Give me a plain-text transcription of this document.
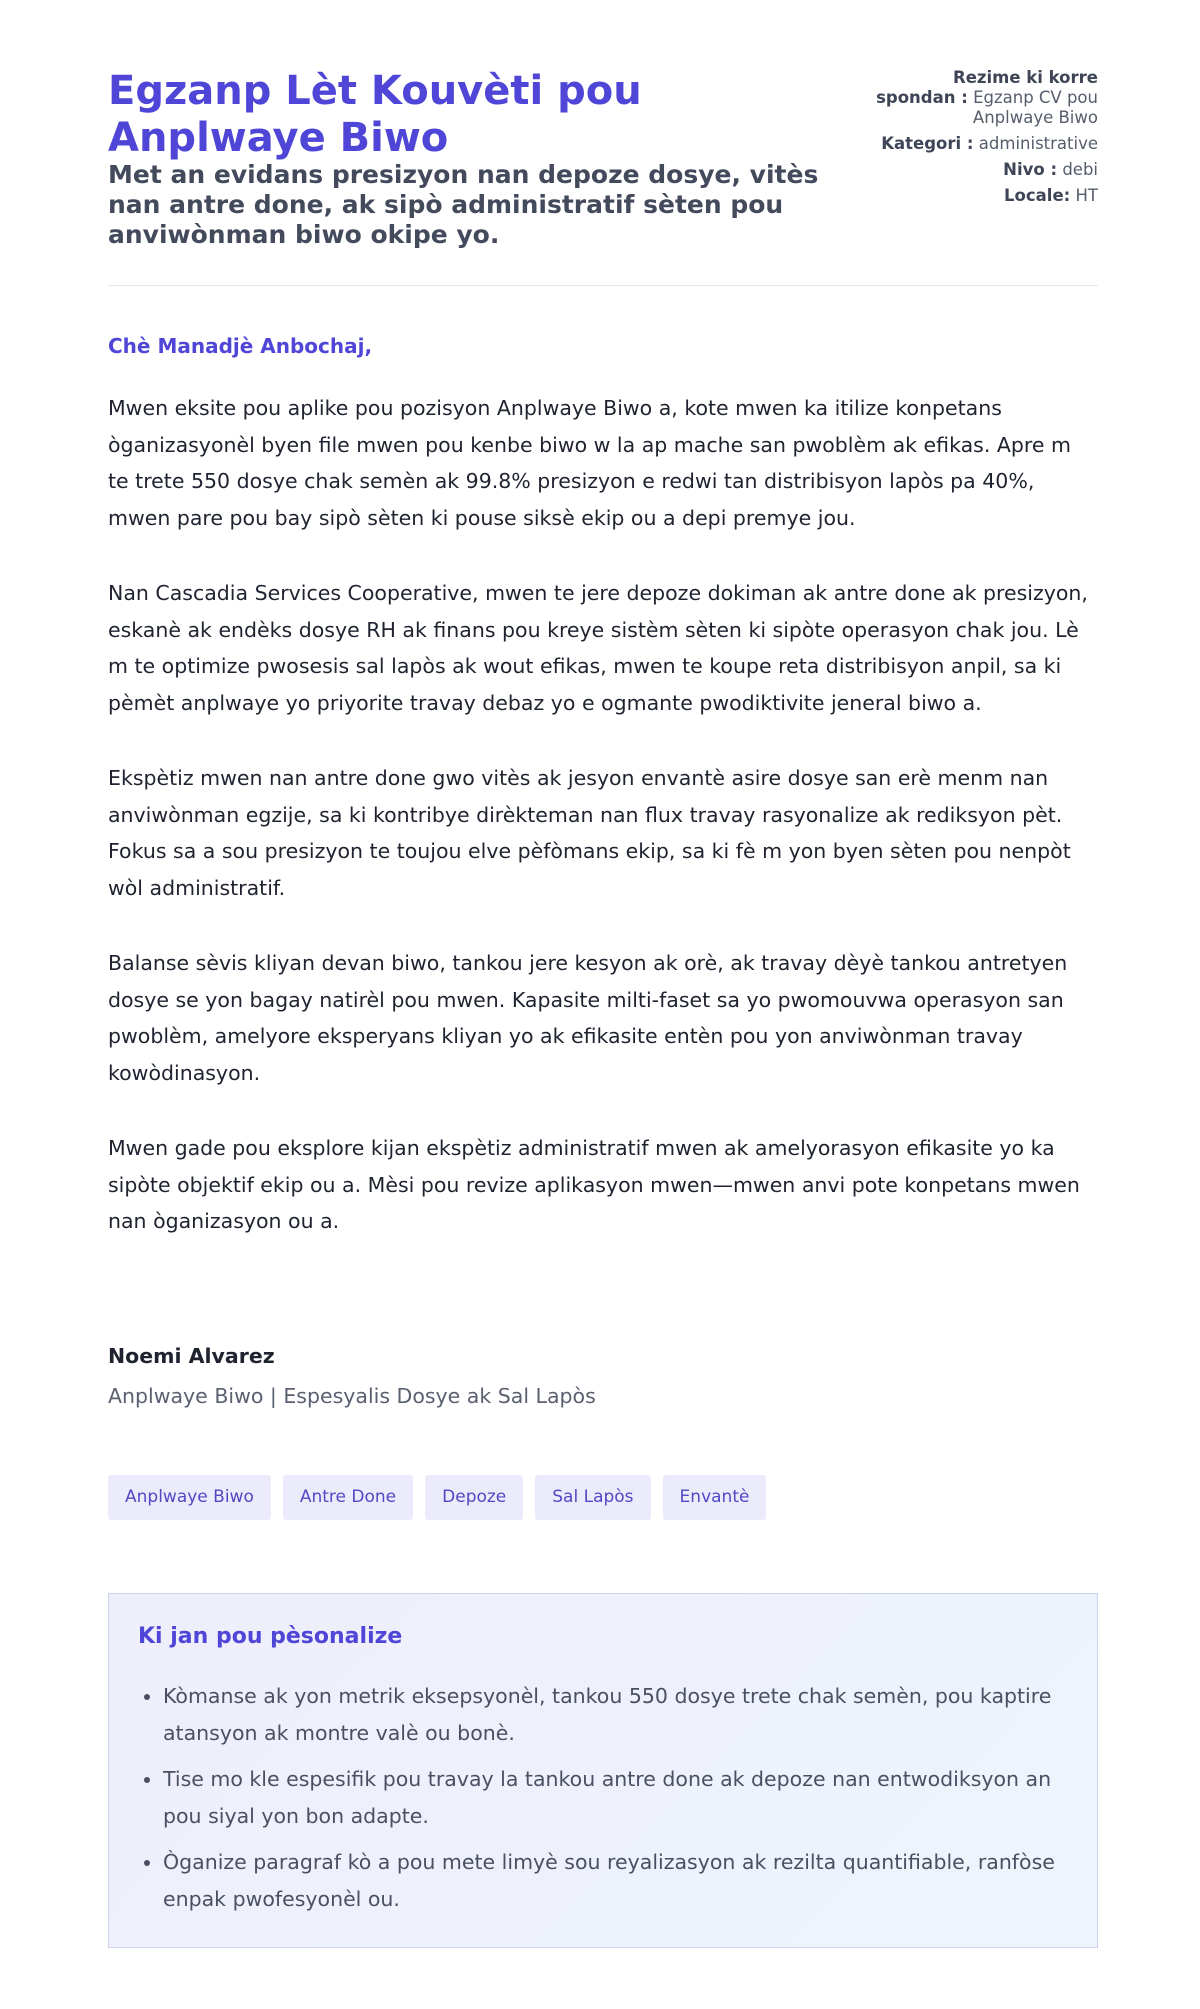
Egzanp Lèt Kouvèti pou Anplwaye Biwo
Met an evidans presizyon nan depoze dosye, vitès nan antre done, ak sipò administratif sèten pou anviwònman biwo okipe yo.
Rezime ki korre spondan : Egzanp CV pou Anplwaye Biwo
Kategori : administrative
Nivo : debi
Locale: HT
Chè Manadjè Anbochaj,

Mwen eksite pou aplike pou pozisyon Anplwaye Biwo a, kote mwen ka itilize konpetans òganizasyonèl byen file mwen pou kenbe biwo w la ap mache san pwoblèm ak efikas. Apre m te trete 550 dosye chak semèn ak 99.8% presizyon e redwi tan distribisyon lapòs pa 40%, mwen pare pou bay sipò sèten ki pouse siksè ekip ou a depi premye jou.

Nan Cascadia Services Cooperative, mwen te jere depoze dokiman ak antre done ak presizyon, eskanè ak endèks dosye RH ak finans pou kreye sistèm sèten ki sipòte operasyon chak jou. Lè m te optimize pwosesis sal lapòs ak wout efikas, mwen te koupe reta distribisyon anpil, sa ki pèmèt anplwaye yo priyorite travay debaz yo e ogmante pwodiktivite jeneral biwo a.

Ekspètiz mwen nan antre done gwo vitès ak jesyon envantè asire dosye san erè menm nan anviwònman egzije, sa ki kontribye dirèkteman nan flux travay rasyonalize ak rediksyon pèt. Fokus sa a sou presizyon te toujou elve pèfòmans ekip, sa ki fè m yon byen sèten pou nenpòt wòl administratif.

Balanse sèvis kliyan devan biwo, tankou jere kesyon ak orè, ak travay dèyè tankou antretyen dosye se yon bagay natirèl pou mwen. Kapasite milti-faset sa yo pwomouvwa operasyon san pwoblèm, amelyore eksperyans kliyan yo ak efikasite entèn pou yon anviwònman travay kowòdinasyon.

Mwen gade pou eksplore kijan ekspètiz administratif mwen ak amelyorasyon efikasite yo ka sipòte objektif ekip ou a. Mèsi pou revize aplikasyon mwen—mwen anvi pote konpetans mwen nan òganizasyon ou a.

Noemi Alvarez
Anplwaye Biwo | Espesyalis Dosye ak Sal Lapòs
Anplwaye Biwo	Antre Done	Depoze	Sal Lapòs	Envantè
Ki jan pou pèsonalize
• Kòmanse ak yon metrik eksepsyonèl, tankou 550 dosye trete chak semèn, pou kaptire atansyon ak montre valè ou bonè.
• Tise mo kle espesifik pou travay la tankou antre done ak depoze nan entwodiksyon an pou siyal yon bon adapte.
• Òganize paragraf kò a pou mete limyè sou reyalizasyon ak rezilta quantifiable, ranfòse enpak pwofesyonèl ou.
